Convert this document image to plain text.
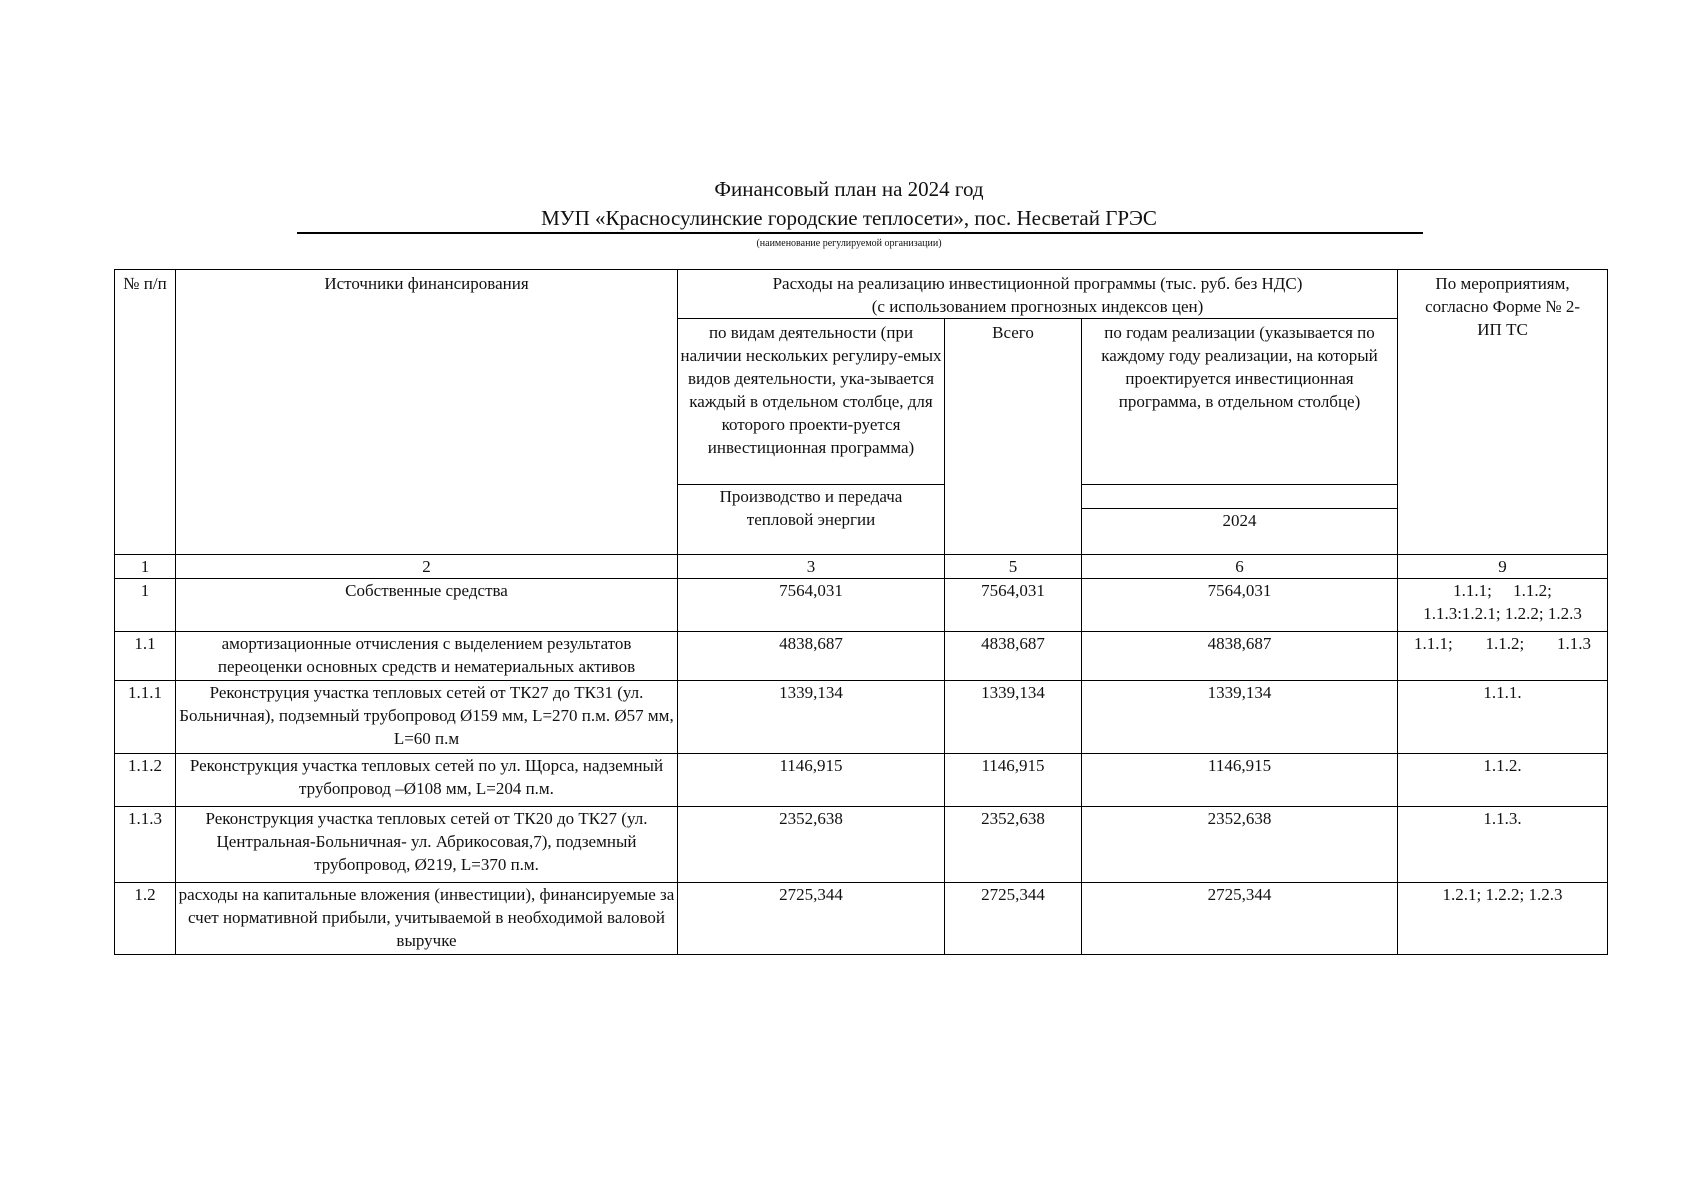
Финансовый план на 2024 год
МУП «Красносулинские городские теплосети», пос. Несветай ГРЭС
(наименование регулируемой организации)
№ п/п	Источники финансирования	Расходы на реализацию инвестиционной программы (тыс. руб. без НДС)
(с использованием прогнозных индексов цен)			По мероприятиям, согласно Форме № 2-ИП ТС
		по видам деятельности (при наличии нескольких регулиру-емых видов деятельности, ука-зывается каждый в отдельном столбце, для которого проекти-руется инвестиционная программа)	Всего	по годам реализации (указывается по каждому году реализации, на который проектируется инвестиционная программа, в отдельном столбце)	
		Производство и передача тепловой энергии			
				2024	
1	2	3	5	6	9
1	Собственные средства	7564,031	7564,031	7564,031	1.1.1;     1.1.2;
1.1.3:1.2.1; 1.2.2; 1.2.3

1.1	амортизационные отчисления с выделением результатов переоценки основных средств и нематериальных активов	4838,687	4838,687	4838,687	1.1.1; 1.1.2; 1.1.3

1.1.1	Реконструция участка тепловых сетей от ТК27 до ТК31 (ул. Больничная), подземный трубопровод Ø159 мм, L=270 п.м. Ø57 мм, L=60 п.м	1339,134	1339,134	1339,134	1.1.1.
1.1.2	Реконструкция участка тепловых сетей по ул. Щорса, надземный трубопровод –Ø108 мм, L=204 п.м.	1146,915	1146,915	1146,915	1.1.2.
1.1.3	Реконструкция участка тепловых сетей от ТК20 до ТК27 (ул. Центральная-Больничная- ул. Абрикосовая,7), подземный трубопровод, Ø219, L=370 п.м.	2352,638	2352,638	2352,638	1.1.3.
1.2	расходы на капитальные вложения (инвестиции), финансируемые за счет нормативной прибыли, учитываемой в необходимой валовой выручке	2725,344	2725,344	2725,344	1.2.1; 1.2.2; 1.2.3
